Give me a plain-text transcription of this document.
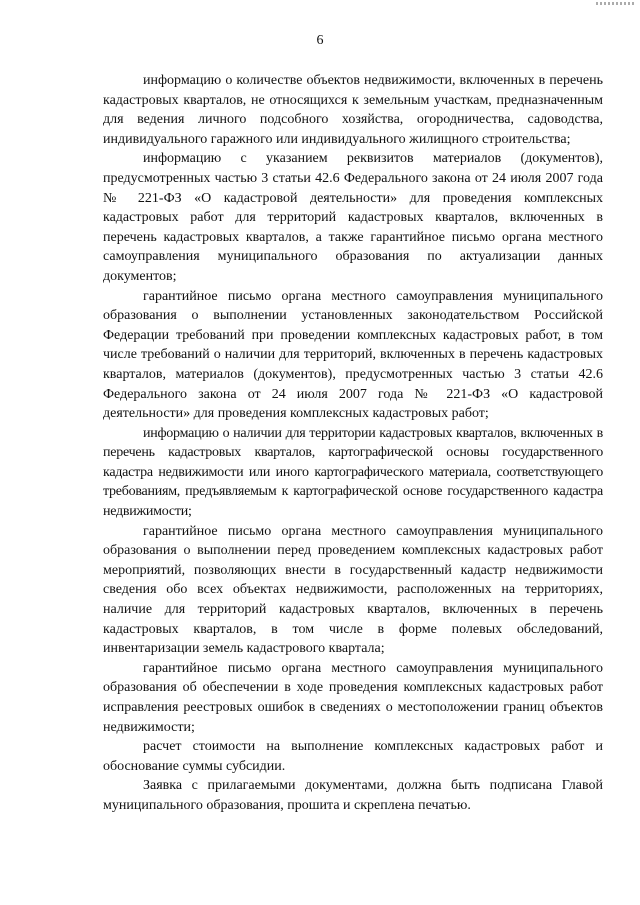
6

информацию о количестве объектов недвижимости, включенных в перечень кадастровых кварталов, не относящихся к земельным участкам, предназначенным для ведения личного подсобного хозяйства, огородничества, садоводства, индивидуального гаражного или индивидуального жилищного строительства;

информацию с указанием реквизитов материалов (документов), предусмотренных частью 3 статьи 42.6 Федерального закона от 24 июля 2007 года № 221-ФЗ «О кадастровой деятельности» для проведения комплексных кадастровых работ для территорий кадастровых кварталов, включенных в перечень кадастровых кварталов, а также гарантийное письмо органа местного самоуправления муниципального образования по актуализации данных документов;

гарантийное письмо органа местного самоуправления муниципального образования о выполнении установленных законодательством Российской Федерации требований при проведении комплексных кадастровых работ, в том числе требований о наличии для территорий, включенных в перечень кадастровых кварталов, материалов (документов), предусмотренных частью 3 статьи 42.6 Федерального закона от 24 июля 2007 года № 221-ФЗ «О кадастровой деятельности» для проведения комплексных кадастровых работ;

информацию о наличии для территории кадастровых кварталов, включенных в перечень кадастровых кварталов, картографической основы государственного кадастра недвижимости или иного картографического материала, соответствующего требованиям, предъявляемым к картографической основе государственного кадастра недвижимости;

гарантийное письмо органа местного самоуправления муниципального образования о выполнении перед проведением комплексных кадастровых работ мероприятий, позволяющих внести в государственный кадастр недвижимости сведения обо всех объектах недвижимости, расположенных на территориях, наличие для территорий кадастровых кварталов, включенных в перечень кадастровых кварталов, в том числе в форме полевых обследований, инвентаризации земель кадастрового квартала;

гарантийное письмо органа местного самоуправления муниципального образования об обеспечении в ходе проведения комплексных кадастровых работ исправления реестровых ошибок в сведениях о местоположении границ объектов недвижимости;

расчет стоимости на выполнение комплексных кадастровых работ и обоснование суммы субсидии.

Заявка с прилагаемыми документами, должна быть подписана Главой муниципального образования, прошита и скреплена печатью.
